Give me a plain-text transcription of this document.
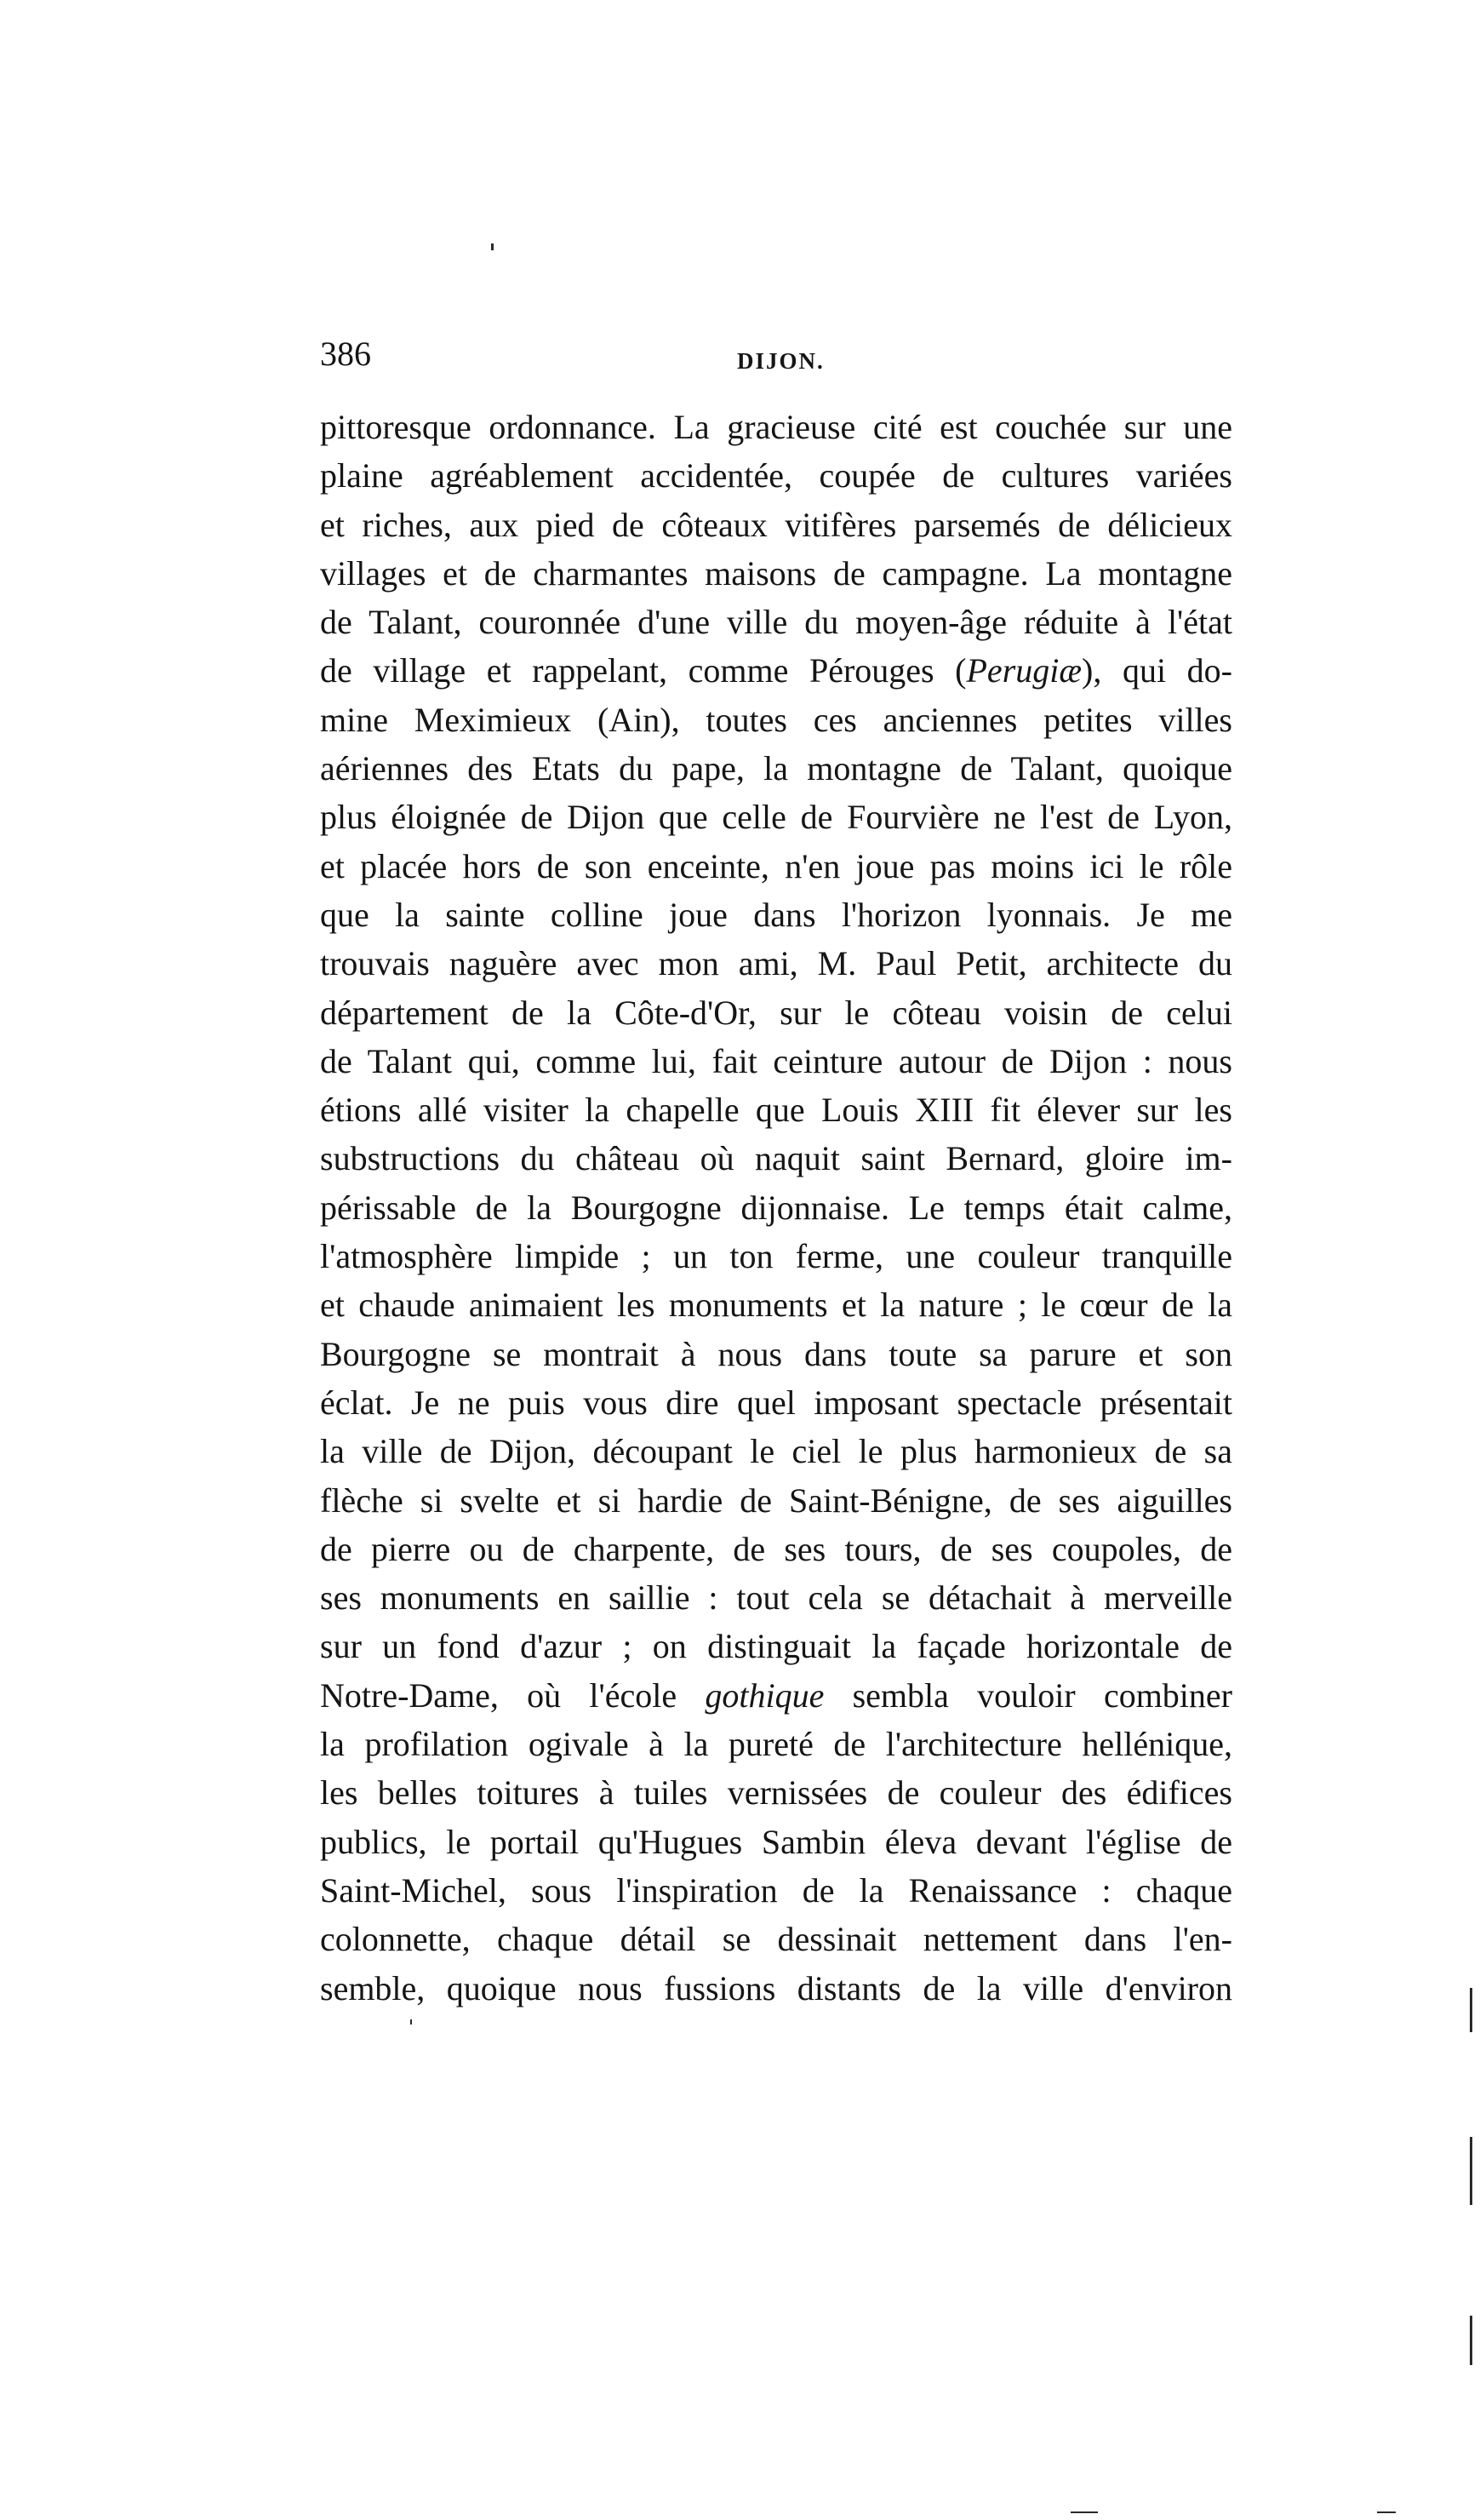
386	DIJON.
pittoresque ordonnance. La gracieuse cité est couchée sur une
plaine agréablement accidentée, coupée de cultures variées
et riches, aux pied de côteaux vitifères parsemés de délicieux
villages et de charmantes maisons de campagne. La montagne
de Talant, couronnée d'une ville du moyen-âge réduite à l'état
de village et rappelant, comme Pérouges (Perugiæ), qui do-
mine Meximieux (Ain), toutes ces anciennes petites villes
aériennes des Etats du pape, la montagne de Talant, quoique
plus éloignée de Dijon que celle de Fourvière ne l'est de Lyon,
et placée hors de son enceinte, n'en joue pas moins ici le rôle
que la sainte colline joue dans l'horizon lyonnais. Je me
trouvais naguère avec mon ami, M. Paul Petit, architecte du
département de la Côte-d'Or, sur le côteau voisin de celui
de Talant qui, comme lui, fait ceinture autour de Dijon : nous
étions allé visiter la chapelle que Louis XIII fit élever sur les
substructions du château où naquit saint Bernard, gloire im-
périssable de la Bourgogne dijonnaise. Le temps était calme,
l'atmosphère limpide ; un ton ferme, une couleur tranquille
et chaude animaient les monuments et la nature ; le cœur de la
Bourgogne se montrait à nous dans toute sa parure et son
éclat. Je ne puis vous dire quel imposant spectacle présentait
la ville de Dijon, découpant le ciel le plus harmonieux de sa
flèche si svelte et si hardie de Saint-Bénigne, de ses aiguilles
de pierre ou de charpente, de ses tours, de ses coupoles, de
ses monuments en saillie : tout cela se détachait à merveille
sur un fond d'azur ; on distinguait la façade horizontale de
Notre-Dame, où l'école gothique sembla vouloir combiner
la profilation ogivale à la pureté de l'architecture hellénique,
les belles toitures à tuiles vernissées de couleur des édifices
publics, le portail qu'Hugues Sambin éleva devant l'église de
Saint-Michel, sous l'inspiration de la Renaissance : chaque
colonnette, chaque détail se dessinait nettement dans l'en-
semble, quoique nous fussions distants de la ville d'environ
